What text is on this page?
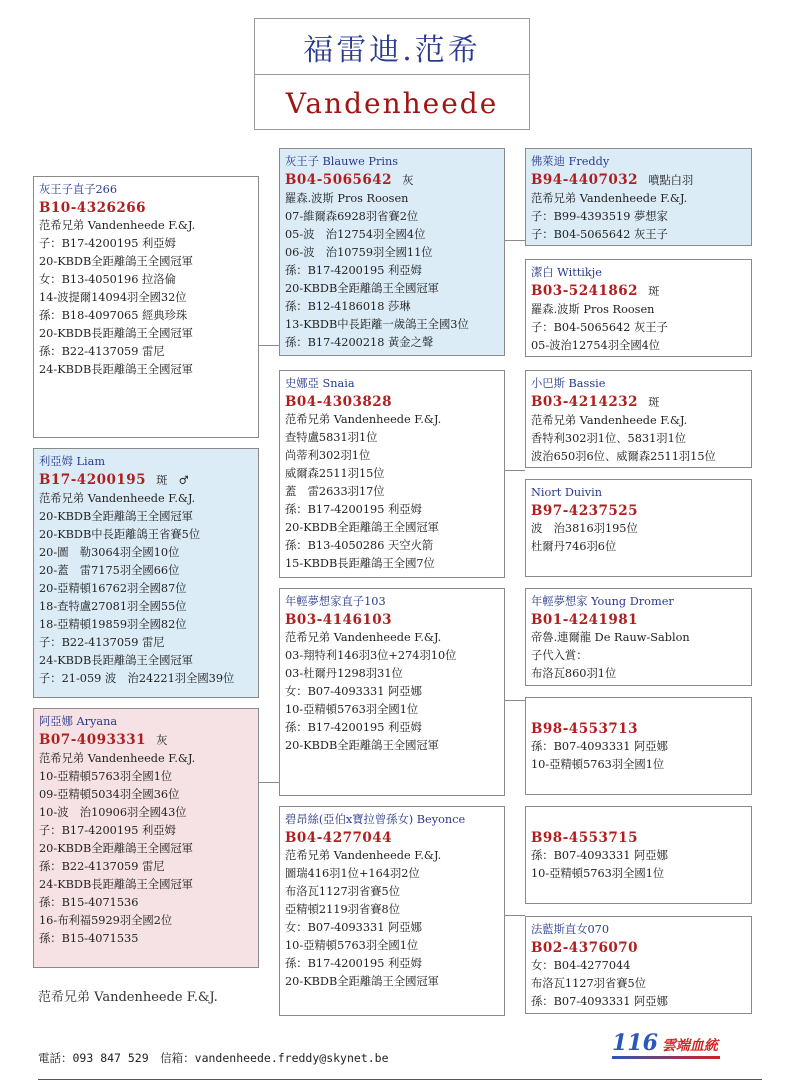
福雷迪.范希
Vandenheede
灰王子直子266
B10-4326266
范希兄弟 Vandenheede F.&J.
子：B17-4200195 利亞姆
20-KBDB全距離鴿王全國冠軍
女：B13-4050196 拉洛倫
14-波提爾14094羽全國32位
孫：B18-4097065 經典珍珠
20-KBDB長距離鴿王全國冠軍
孫：B22-4137059 雷尼
24-KBDB長距離鴿王全國冠軍
利亞姆 Liam
B17-4200195 斑　♂
范希兄弟 Vandenheede F.&J.
20-KBDB全距離鴿王全國冠軍
20-KBDB中長距離鴿王省賽5位
20-圖　勒3064羽全國10位
20-蓋　雷7175羽全國66位
20-亞精頓16762羽全國87位
18-查特盧27081羽全國55位
18-亞精頓19859羽全國82位
子：B22-4137059 雷尼
24-KBDB長距離鴿王全國冠軍
子：21-059 波　治24221羽全國39位
阿亞娜 Aryana
B07-4093331 灰
范希兄弟 Vandenheede F.&J.
10-亞精頓5763羽全國1位
09-亞精頓5034羽全國36位
10-波　治10906羽全國43位
子：B17-4200195 利亞姆
20-KBDB全距離鴿王全國冠軍
孫：B22-4137059 雷尼
24-KBDB長距離鴿王全國冠軍
孫：B15-4071536
16-布利福5929羽全國2位
孫：B15-4071535
灰王子 Blauwe Prins
B04-5065642 灰
羅森.波斯 Pros Roosen
07-維爾森6928羽省賽2位
05-波　治12754羽全國4位
06-波　治10759羽全國11位
孫：B17-4200195 利亞姆
20-KBDB全距離鴿王全國冠軍
孫：B12-4186018 莎琳
13-KBDB中長距離一歲鴿王全國3位
孫：B17-4200218 黃金之聲
史娜亞 Snaia
B04-4303828
范希兄弟 Vandenheede F.&J.
查特盧5831羽1位
尚蒂利302羽1位
威爾森2511羽15位
蓋　雷2633羽17位
孫：B17-4200195 利亞姆
20-KBDB全距離鴿王全國冠軍
孫：B13-4050286 天空火箭
15-KBDB長距離鴿王全國7位
年輕夢想家直子103
B03-4146103
范希兄弟 Vandenheede F.&J.
03-翔特利146羽3位+274羽10位
03-杜爾丹1298羽31位
女：B07-4093331 阿亞娜
10-亞精頓5763羽全國1位
孫：B17-4200195 利亞姆
20-KBDB全距離鴿王全國冠軍
碧昂絲(亞伯x寶拉曾孫女) Beyonce
B04-4277044
范希兄弟 Vandenheede F.&J.
圖瑞416羽1位+164羽2位
布洛瓦1127羽省賽5位
亞精頓2119羽省賽8位
女：B07-4093331 阿亞娜
10-亞精頓5763羽全國1位
孫：B17-4200195 利亞姆
20-KBDB全距離鴿王全國冠軍
佛萊迪 Freddy
B94-4407032 噴點白羽
范希兄弟 Vandenheede F.&J.
子：B99-4393519 夢想家
子：B04-5065642 灰王子
潔白 Wittikje
B03-5241862 斑
羅森.波斯 Pros Roosen
子：B04-5065642 灰王子
05-波治12754羽全國4位
小巴斯 Bassie
B03-4214232 斑
范希兄弟 Vandenheede F.&J.
香特利302羽1位、5831羽1位
波治650羽6位、威爾森2511羽15位
Niort Duivin
B97-4237525
波　治3816羽195位
杜爾丹746羽6位
年輕夢想家 Young Dromer
B01-4241981
帝魯.連爾龍 De Rauw-Sablon
子代入賞：
布洛瓦860羽1位
B98-4553713
孫：B07-4093331 阿亞娜
10-亞精頓5763羽全國1位
B98-4553715
孫：B07-4093331 阿亞娜
10-亞精頓5763羽全國1位
法藍斯直女070
B02-4376070
女：B04-4277044
布洛瓦1127羽省賽5位
孫：B07-4093331 阿亞娜
范希兄弟 Vandenheede F.&J.
電話：093 847 529　信箱：vandenheede.freddy@skynet.be
116 雲端血統
